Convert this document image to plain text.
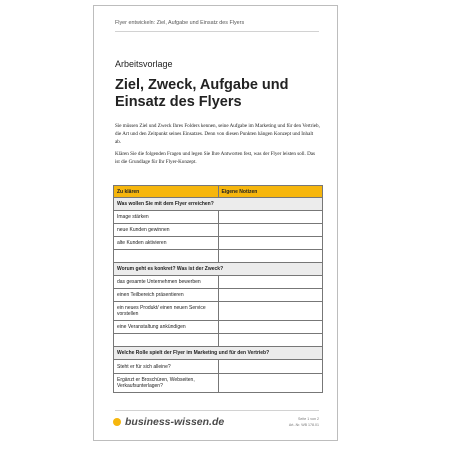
Flyer entwickeln: Ziel, Aufgabe und Einsatz des Flyers
Arbeitsvorlage
Ziel, Zweck, Aufgabe und Einsatz des Flyers

Sie müssen Ziel und Zweck Ihres Folders kennen, seine Aufgabe im Marketing und für den Vertrieb, die Art und den Zeitpunkt seines Einsatzes. Denn von diesen Punkten hängen Konzept und Inhalt ab.

Klären Sie die folgenden Fragen und legen Sie Ihre Antworten fest, was der Flyer leisten soll. Das ist die Grundlage für Ihr Flyer-Konzept.

Zu klären	Eigene Notizen
Was wollen Sie mit dem Flyer erreichen?	
Image stärken	
neue Kunden gewinnen	
alte Kunden aktivieren	

Worum geht es konkret? Was ist der Zweck?	
das gesamte Unternehmen bewerben	
einen Teilbereich präsentieren	
ein neues Produkt/ einen neuen Service vorstellen	
eine Veranstaltung ankündigen	

Welche Rolle spielt der Flyer im Marketing und für den Vertrieb?	
Steht er für sich alleine?	
Ergänzt er Broschüren, Webseiten, Verkaufsunterlagen?	
business-wissen.de	Seite 1 von 2
Art.-Nr. WB 178.01
